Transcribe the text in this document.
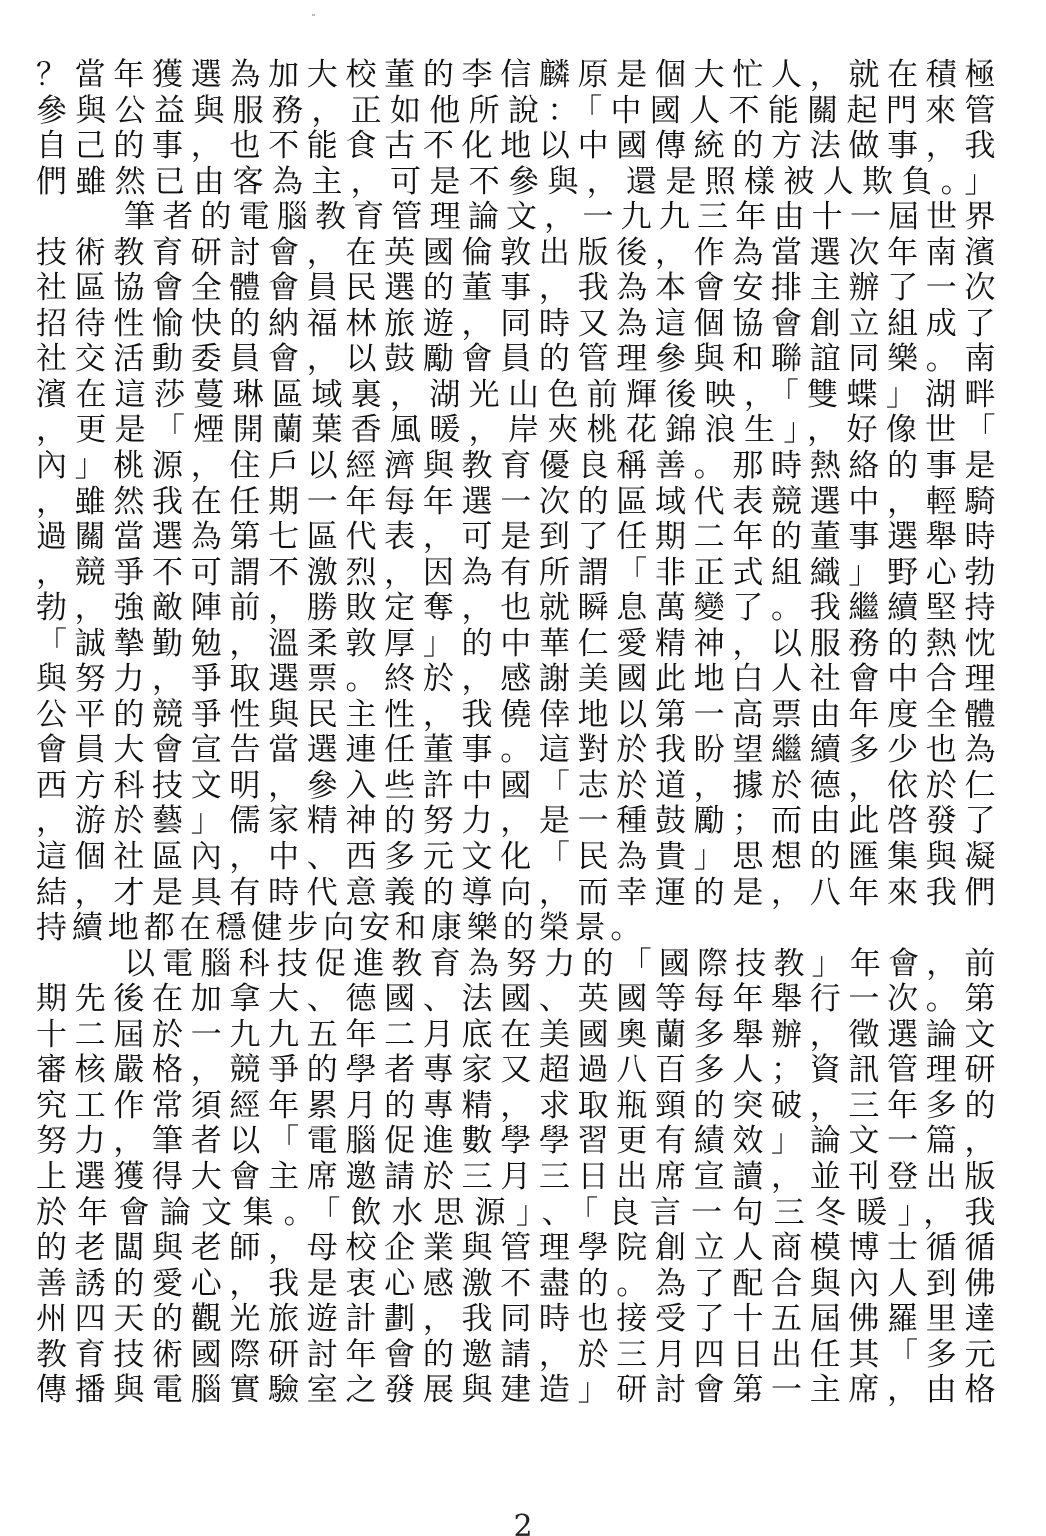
？當年獲選為加大校董的李信麟原是個大忙人，就在積極
參與公益與服務，正如他所說：「中國人不能關起門來管
自己的事，也不能食古不化地以中國傳統的方法做事，我
們雖然已由客為主，可是不參與，還是照樣被人欺負。」
筆者的電腦教育管理論文，一九九三年由十一屆世界
技術教育研討會，在英國倫敦出版後，作為當選次年南濱
社區協會全體會員民選的董事，我為本會安排主辦了一次
招待性愉快的納福林旅遊，同時又為這個協會創立組成了
社交活動委員會，以鼓勵會員的管理參與和聯誼同樂。南
濱在這莎蔓琳區域裏，湖光山色前輝後映，「雙蝶」湖畔
，更是「煙開蘭葉香風暖，岸夾桃花錦浪生」，好像世「
內」桃源，住戶以經濟與教育優良稱善。那時熱絡的事是
，雖然我在任期一年每年選一次的區域代表競選中，輕騎
過關當選為第七區代表，可是到了任期二年的董事選舉時
，競爭不可謂不激烈，因為有所謂「非正式組織」野心勃
勃，強敵陣前，勝敗定奪，也就瞬息萬變了。我繼續堅持
「誠摯勤勉，溫柔敦厚」的中華仁愛精神，以服務的熱忱
與努力，爭取選票。終於，感謝美國此地白人社會中合理
公平的競爭性與民主性，我僥倖地以第一高票由年度全體
會員大會宣告當選連任董事。這對於我盼望繼續多少也為
西方科技文明，參入些許中國「志於道，據於德，依於仁
，游於藝」儒家精神的努力，是一種鼓勵；而由此啓發了
這個社區內，中、西多元文化「民為貴」思想的匯集與凝
結，才是具有時代意義的導向，而幸運的是，八年來我們
持續地都在穩健步向安和康樂的榮景。
以電腦科技促進教育為努力的「國際技教」年會，前
期先後在加拿大、德國、法國、英國等每年舉行一次。第
十二屆於一九九五年二月底在美國奧蘭多舉辦，徵選論文
審核嚴格，競爭的學者專家又超過八百多人；資訊管理研
究工作常須經年累月的專精，求取瓶頸的突破，三年多的
努力，筆者以「電腦促進數學學習更有績效」論文一篇，
上選獲得大會主席邀請於三月三日出席宣讀，並刊登出版
於年會論文集。「飲水思源」、「良言一句三冬暖」，我
的老闆與老師，母校企業與管理學院創立人商模博士循循
善誘的愛心，我是衷心感激不盡的。為了配合與內人到佛
州四天的觀光旅遊計劃，我同時也接受了十五屆佛羅里達
教育技術國際研討年會的邀請，於三月四日出任其「多元
傳播與電腦實驗室之發展與建造」研討會第一主席，由格
2
